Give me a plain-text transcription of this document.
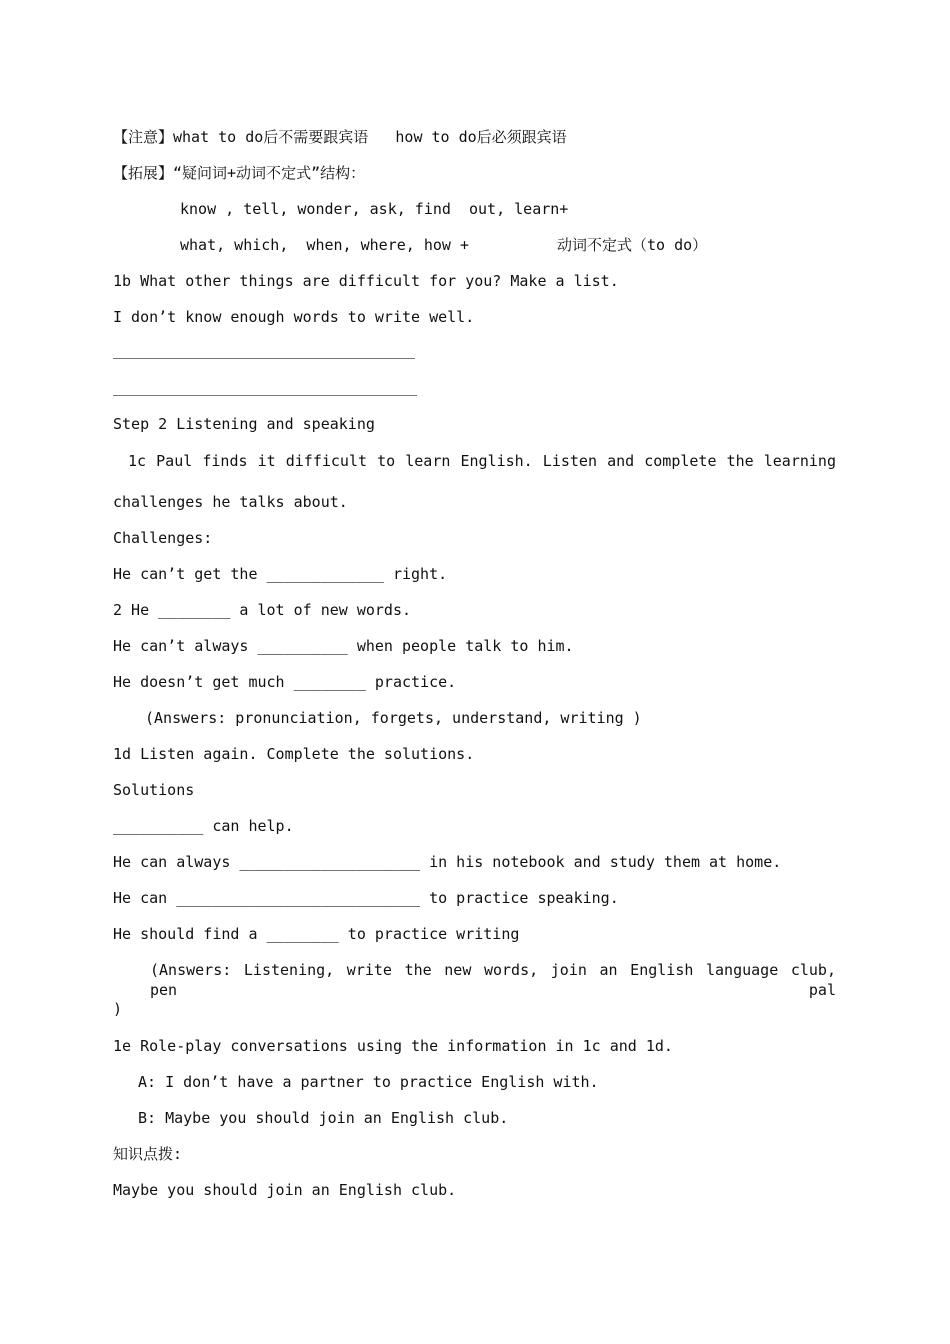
【注意】what to do后不需要跟宾语   how to do后必须跟宾语
【拓展】“疑问词+动词不定式”结构：
know , tell, wonder, ask, find  out, learn+
what, which,  when, where, how +	动词不定式（to do）
1b What other things are difficult for you? Make a list.
I don’t know enough words to write well.
Step 2 Listening and speaking
1c Paul finds it difficult to learn English. Listen and complete the learning
challenges he talks about.
Challenges:
He can’t get the _____________ right.
2 He ________ a lot of new words.
He can’t always __________ when people talk to him.
He doesn’t get much ________ practice.
(Answers: pronunciation, forgets, understand, writing )
1d Listen again. Complete the solutions.
Solutions
__________ can help.
He can always ____________________ in his notebook and study them at home.
He can ___________________________ to practice speaking.
He should find a ________ to practice writing
(Answers: Listening, write the new words, join an English language club, pen pal
)
1e Role-play conversations using the information in 1c and 1d.
A: I don’t have a partner to practice English with.
B: Maybe you should join an English club.
知识点拨:
Maybe you should join an English club.
